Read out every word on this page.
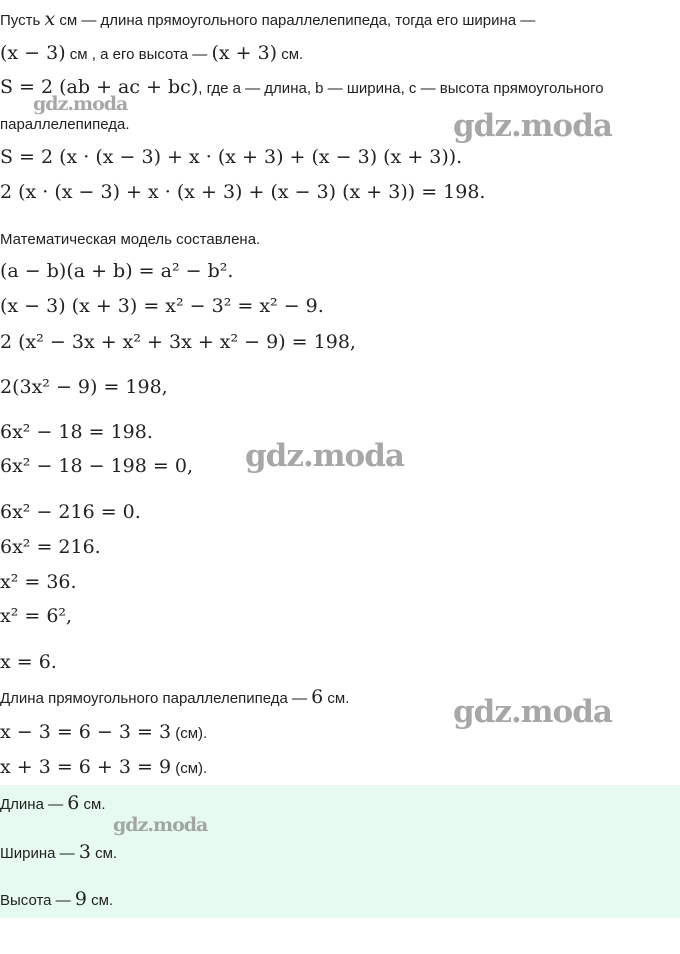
Пусть x см — длина прямоугольного параллелепипеда, тогда его ширина —
(x − 3) см , а его высота — (x + 3) см.
S = 2 (ab + ac + bc), где a — длина, b — ширина, c — высота прямоугольного
параллелепипеда.
S = 2 (x · (x − 3) + x · (x + 3) + (x − 3) (x + 3)).
2 (x · (x − 3) + x · (x + 3) + (x − 3) (x + 3)) = 198.
Математическая модель составлена.
(a − b)(a + b) = a² − b².
(x − 3) (x + 3) = x² − 3² = x² − 9.
2 (x² − 3x + x² + 3x + x² − 9) = 198,
2(3x² − 9) = 198,
6x² − 18 = 198.
6x² − 18 − 198 = 0,
6x² − 216 = 0.
6x² = 216.
x² = 36.
x² = 6²,
x = 6.
Длина прямоугольного параллелепипеда — 6 см.
x − 3 = 6 − 3 = 3 (см).
x + 3 = 6 + 3 = 9 (см).
Длина — 6 см.
Ширина — 3 см.
Высота — 9 см.
gdz.moda
gdz.moda
gdz.moda
gdz.moda
gdz.moda
